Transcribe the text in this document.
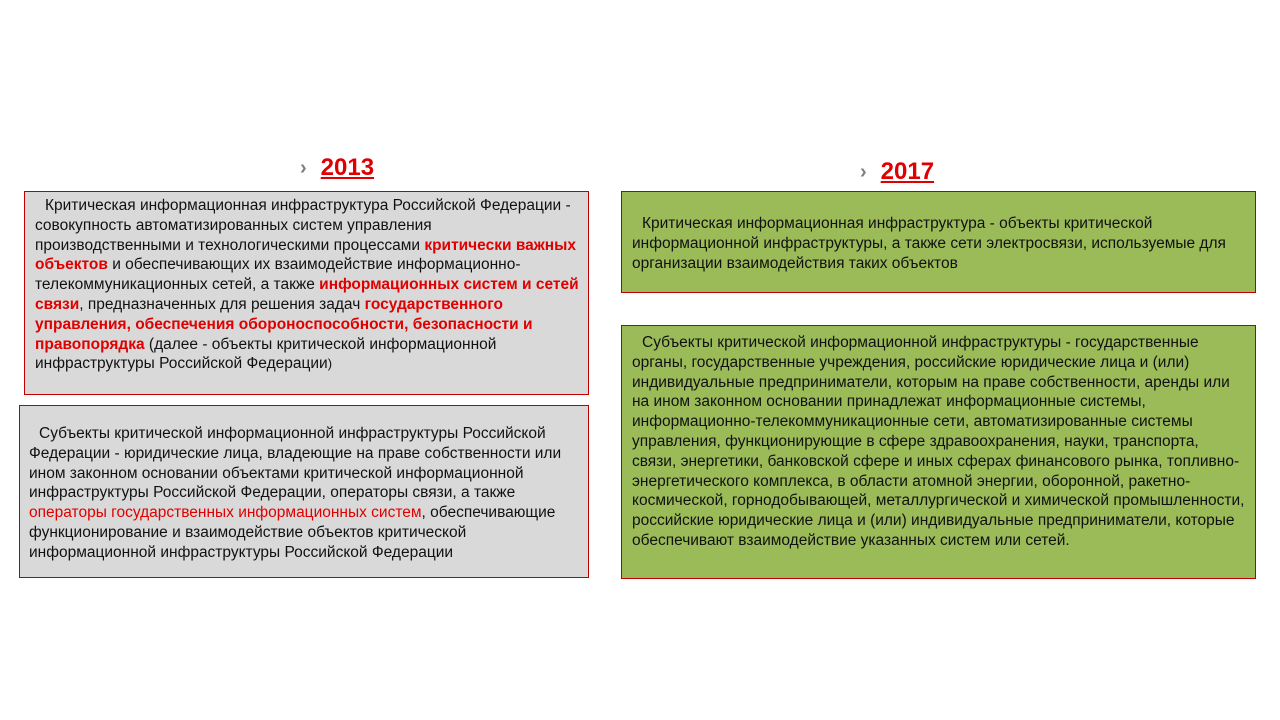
› 2013	› 2017
Критическая информационная инфраструктура Российской Федерации - совокупность автоматизированных систем управления производственными и технологическими процессами критически важных объектов и обеспечивающих их взаимодействие информационно-телекоммуникационных сетей, а также информационных систем и сетей связи, предназначенных для решения задач государственного управления, обеспечения обороноспособности, безопасности и правопорядка (далее - объекты критической информационной инфраструктуры Российской Федерации)
Субъекты критической информационной инфраструктуры Российской Федерации - юридические лица, владеющие на праве собственности или ином законном основании объектами критической информационной инфраструктуры Российской Федерации, операторы связи, а также операторы государственных информационных систем, обеспечивающие функционирование и взаимодействие объектов критической информационной инфраструктуры Российской Федерации
Критическая информационная инфраструктура - объекты критической информационной инфраструктуры, а также сети электросвязи, используемые для организации взаимодействия таких объектов
Субъекты критической информационной инфраструктуры - государственные органы, государственные учреждения, российские юридические лица и (или) индивидуальные предприниматели, которым на праве собственности, аренды или на ином законном основании принадлежат информационные системы, информационно-телекоммуникационные сети, автоматизированные системы управления, функционирующие в сфере здравоохранения, науки, транспорта, связи, энергетики, банковской сфере и иных сферах финансового рынка, топливно-энергетического комплекса, в области атомной энергии, оборонной, ракетно-космической, горнодобывающей, металлургической и химической промышленности, российские юридические лица и (или) индивидуальные предприниматели, которые обеспечивают взаимодействие указанных систем или сетей.
